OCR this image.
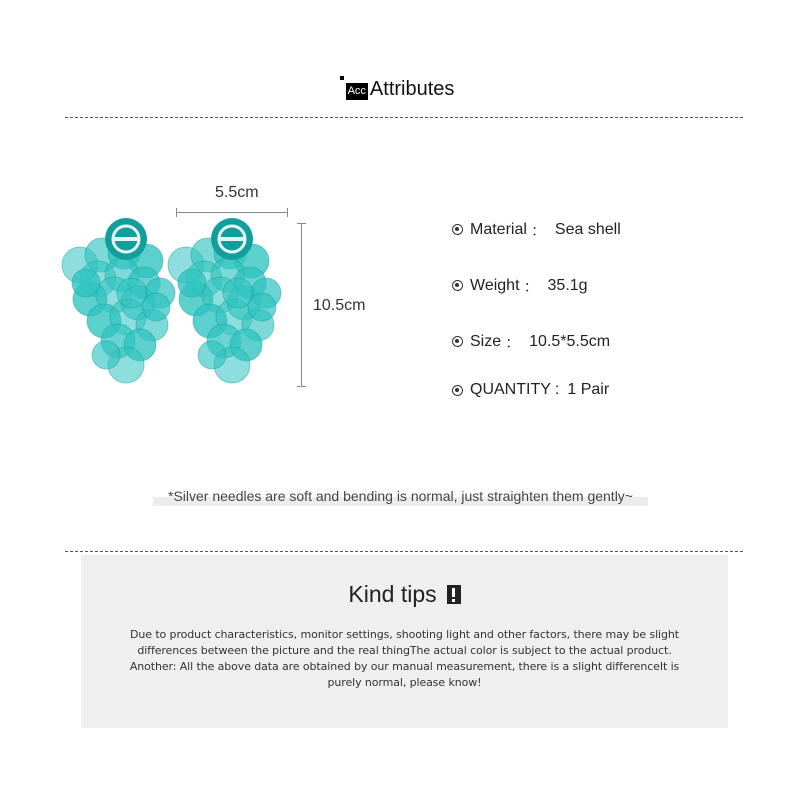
Acc Attributes
5.5cm
10.5cm
Material ： Sea shell
Weight ： 35.1g
Size ： 10.5*5.5cm
QUANTITY : 1 Pair
*Silver needles are soft and bending is normal, just straighten them gently~
Kind tips
Due to product characteristics, monitor settings, shooting light and other factors, there may be slight
differences between the picture and the real thingThe actual color is subject to the actual product.
Another: All the above data are obtained by our manual measurement, there is a slight differenceIt is
purely normal, please know!
